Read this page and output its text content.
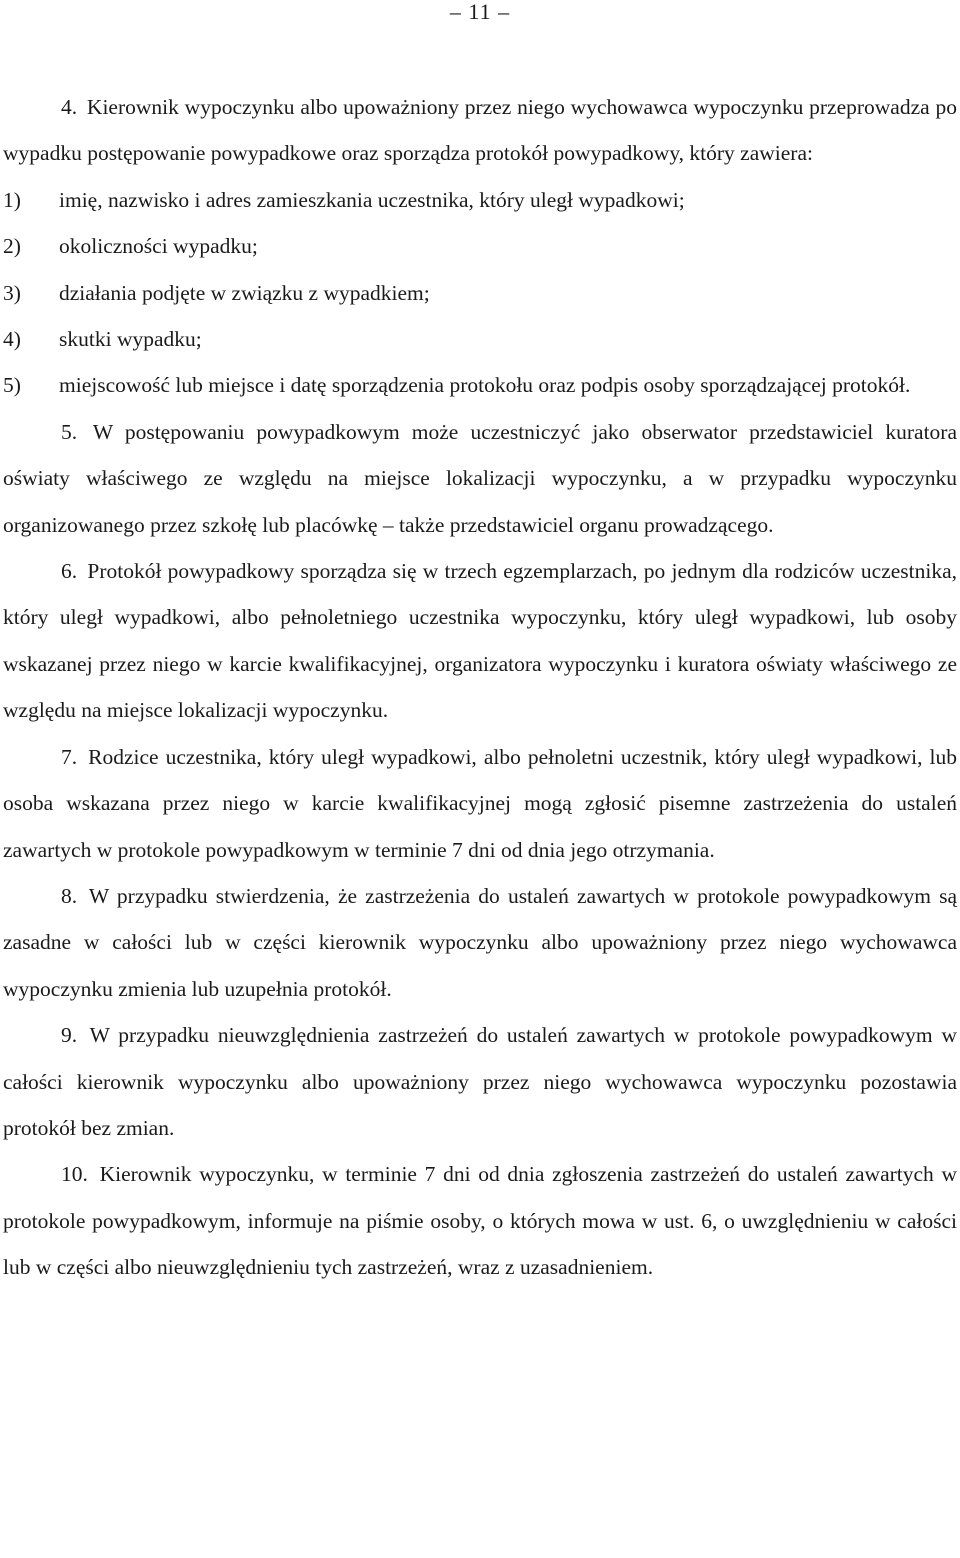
– 11 –

4. Kierownik wypoczynku albo upoważniony przez niego wychowawca wypoczynku przeprowadza po wypadku postępowanie powypadkowe oraz sporządza protokół powypadkowy, który zawiera:

1) imię, nazwisko i adres zamieszkania uczestnika, który uległ wypadkowi;
2) okoliczności wypadku;
3) działania podjęte w związku z wypadkiem;
4) skutki wypadku;
5) miejscowość lub miejsce i datę sporządzenia protokołu oraz podpis osoby sporządzającej protokół.

5. W postępowaniu powypadkowym może uczestniczyć jako obserwator przedstawiciel kuratora oświaty właściwego ze względu na miejsce lokalizacji wypoczynku, a w przypadku wypoczynku organizowanego przez szkołę lub placówkę – także przedstawiciel organu prowadzącego.

6. Protokół powypadkowy sporządza się w trzech egzemplarzach, po jednym dla rodziców uczestnika, który uległ wypadkowi, albo pełnoletniego uczestnika wypoczynku, który uległ wypadkowi, lub osoby wskazanej przez niego w karcie kwalifikacyjnej, organizatora wypoczynku i kuratora oświaty właściwego ze względu na miejsce lokalizacji wypoczynku.

7. Rodzice uczestnika, który uległ wypadkowi, albo pełnoletni uczestnik, który uległ wypadkowi, lub osoba wskazana przez niego w karcie kwalifikacyjnej mogą zgłosić pisemne zastrzeżenia do ustaleń zawartych w protokole powypadkowym w terminie 7 dni od dnia jego otrzymania.

8. W przypadku stwierdzenia, że zastrzeżenia do ustaleń zawartych w protokole powypadkowym są zasadne w całości lub w części kierownik wypoczynku albo upoważniony przez niego wychowawca wypoczynku zmienia lub uzupełnia protokół.

9. W przypadku nieuwzględnienia zastrzeżeń do ustaleń zawartych w protokole powypadkowym w całości kierownik wypoczynku albo upoważniony przez niego wychowawca wypoczynku pozostawia protokół bez zmian.

10. Kierownik wypoczynku, w terminie 7 dni od dnia zgłoszenia zastrzeżeń do ustaleń zawartych w protokole powypadkowym, informuje na piśmie osoby, o których mowa w ust. 6, o uwzględnieniu w całości lub w części albo nieuwzględnieniu tych zastrzeżeń, wraz z uzasadnieniem.
